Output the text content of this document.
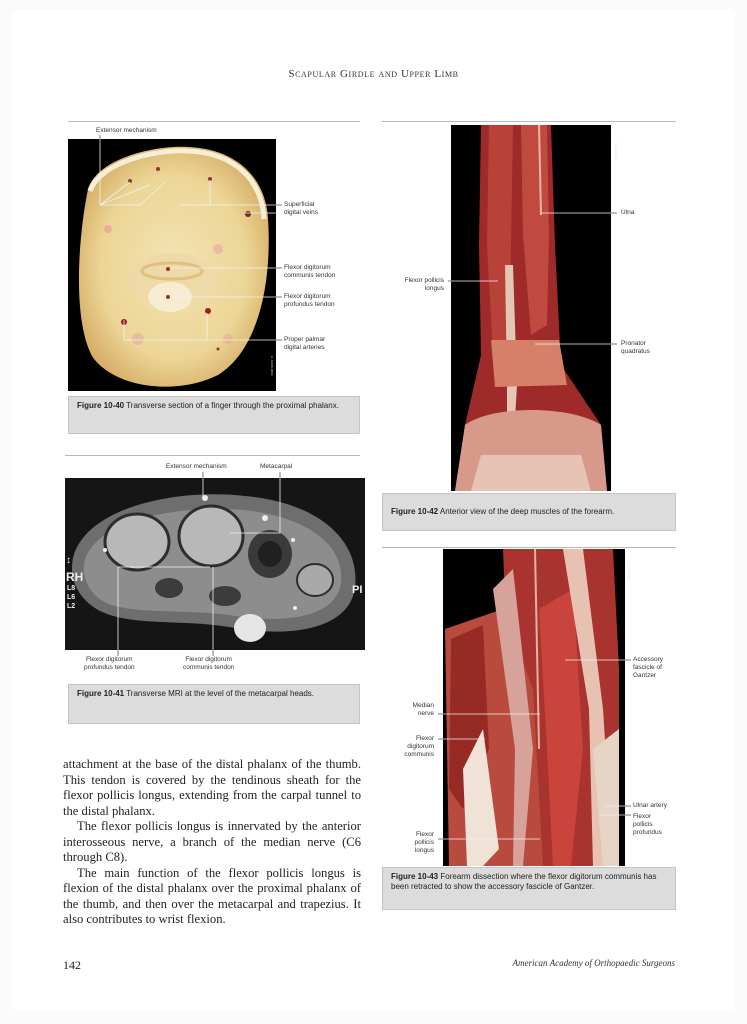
Scapular Girdle and Upper Limb
Extensor mechanism
© AAOS 2004
Superficial
digital veins
Flexor digitorum
communis tendon
Flexor digitorum
profundus tendon
Proper palmar
digital arteries
Figure 10-40 Transverse section of a finger through the proximal phalanx.
Extensor mechanism	Metacarpal
↕
RH
L8
L6
L2
PI
Flexor digitorum
profundus tendon
Flexor digitorum
communis tendon
Figure 10-41 Transverse MRI at the level of the metacarpal heads.

attachment at the base of the distal phalanx of the thumb. This tendon is covered by the tendinous sheath for the flexor pollicis longus, extending from the carpal tunnel to the distal phalanx.

The flexor pollicis longus is innervated by the anterior interosseous nerve, a branch of the median nerve (C6 through C8).

The main function of the flexor pollicis longus is flexion of the distal phalanx over the proximal phalanx of the thumb, and then over the metacarpal and trapezius. It also contributes to wrist flexion.

© AAOS 2004
Flexor pollicis
longus
Ulna
Pronator
quadratus
Figure 10-42 Anterior view of the deep muscles of the forearm.
© AAOS 2004
Median
nerve
Flexor
digitorum
communis
Flexor
pollicis
longus
Accessory
fascicle of
Gantzer
Ulnar artery
Flexor
pollicis
profundus
Figure 10-43 Forearm dissection where the flexor digitorum communis has been retracted to show the accessory fascicle of Gantzer.
142	American Academy of Orthopaedic Surgeons
